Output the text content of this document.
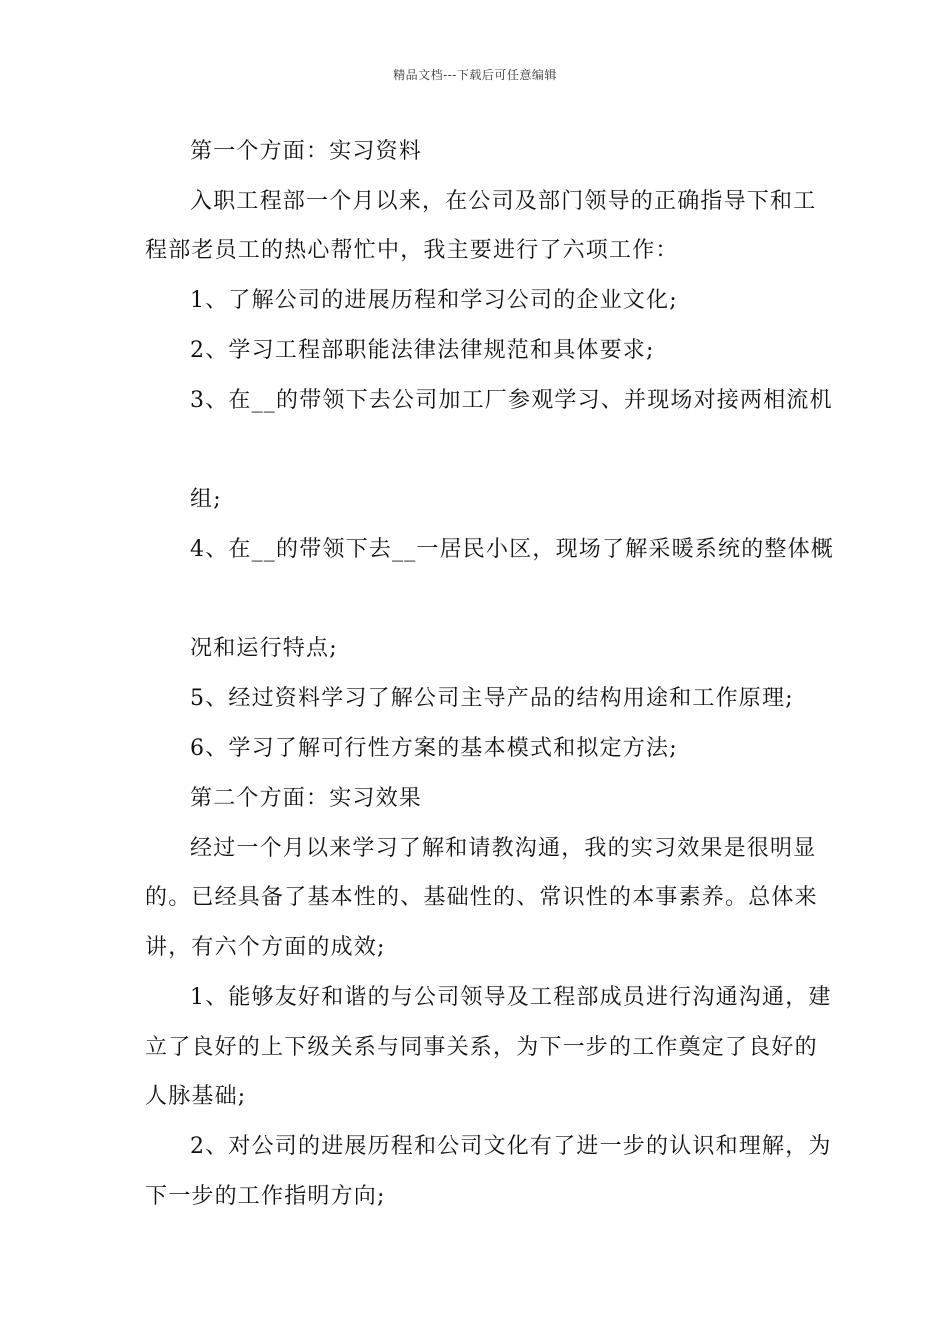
精品文档---下载后可任意编辑
第一个方面：实习资料
入职工程部一个月以来，在公司及部门领导的正确指导下和工
程部老员工的热心帮忙中，我主要进行了六项工作：
1、了解公司的进展历程和学习公司的企业文化;
2、学习工程部职能法律法律规范和具体要求;
3、在__的带领下去公司加工厂参观学习、并现场对接两相流机
组;
4、在__的带领下去__一居民小区，现场了解采暖系统的整体概
况和运行特点;
5、经过资料学习了解公司主导产品的结构用途和工作原理;
6、学习了解可行性方案的基本模式和拟定方法;
第二个方面：实习效果
经过一个月以来学习了解和请教沟通，我的实习效果是很明显
的。已经具备了基本性的、基础性的、常识性的本事素养。总体来
讲，有六个方面的成效;
1、能够友好和谐的与公司领导及工程部成员进行沟通沟通，建
立了良好的上下级关系与同事关系，为下一步的工作奠定了良好的
人脉基础;
2、对公司的进展历程和公司文化有了进一步的认识和理解，为
下一步的工作指明方向;
